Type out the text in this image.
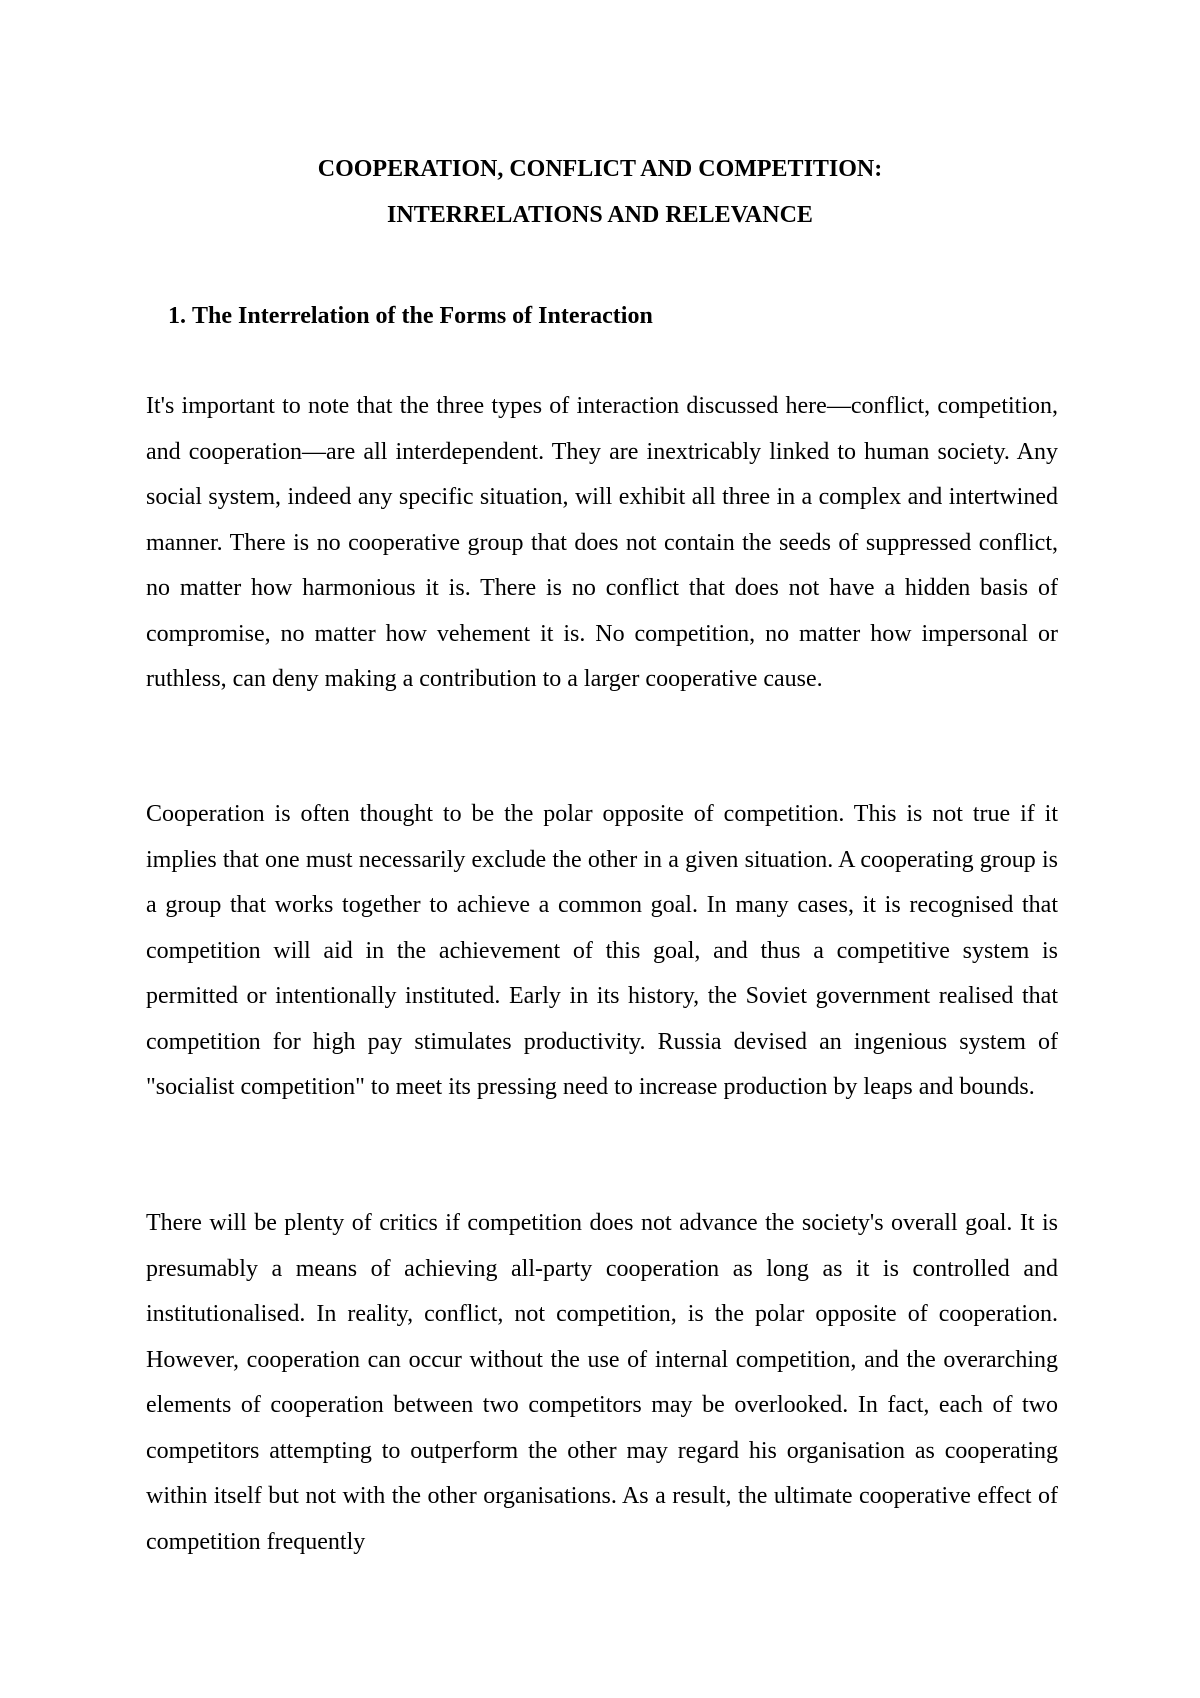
COOPERATION, CONFLICT AND COMPETITION:
INTERRELATIONS AND RELEVANCE
1. The Interrelation of the Forms of Interaction

It's important to note that the three types of interaction discussed here—conflict, competition, and cooperation—are all interdependent. They are inextricably linked to human society. Any social system, indeed any specific situation, will exhibit all three in a complex and intertwined manner. There is no cooperative group that does not contain the seeds of suppressed conflict, no matter how harmonious it is. There is no conflict that does not have a hidden basis of compromise, no matter how vehement it is. No competition, no matter how impersonal or ruthless, can deny making a contribution to a larger cooperative cause.

Cooperation is often thought to be the polar opposite of competition. This is not true if it implies that one must necessarily exclude the other in a given situation. A cooperating group is a group that works together to achieve a common goal. In many cases, it is recognised that competition will aid in the achievement of this goal, and thus a competitive system is permitted or intentionally instituted. Early in its history, the Soviet government realised that competition for high pay stimulates productivity. Russia devised an ingenious system of "socialist competition" to meet its pressing need to increase production by leaps and bounds.

There will be plenty of critics if competition does not advance the society's overall goal. It is presumably a means of achieving all-party cooperation as long as it is controlled and institutionalised. In reality, conflict, not competition, is the polar opposite of cooperation. However, cooperation can occur without the use of internal competition, and the overarching elements of cooperation between two competitors may be overlooked. In fact, each of two competitors attempting to outperform the other may regard his organisation as cooperating within itself but not with the other organisations. As a result, the ultimate cooperative effect of competition frequently
